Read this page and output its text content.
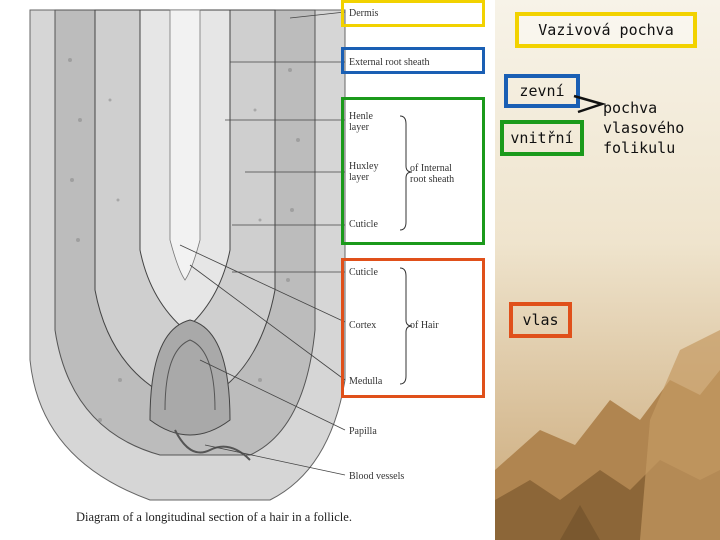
Dermis
External root sheath
Henle
layer
Huxley
layer
of Internal
root sheath
Cuticle
Cuticle
Cortex	of Hair
Medulla
Papilla
Blood vessels
Diagram of a longitudinal section of a hair in a follicle.
Vazivová pochva
zevní
vnitřní
vlas
pochva
vlasového
folikulu
